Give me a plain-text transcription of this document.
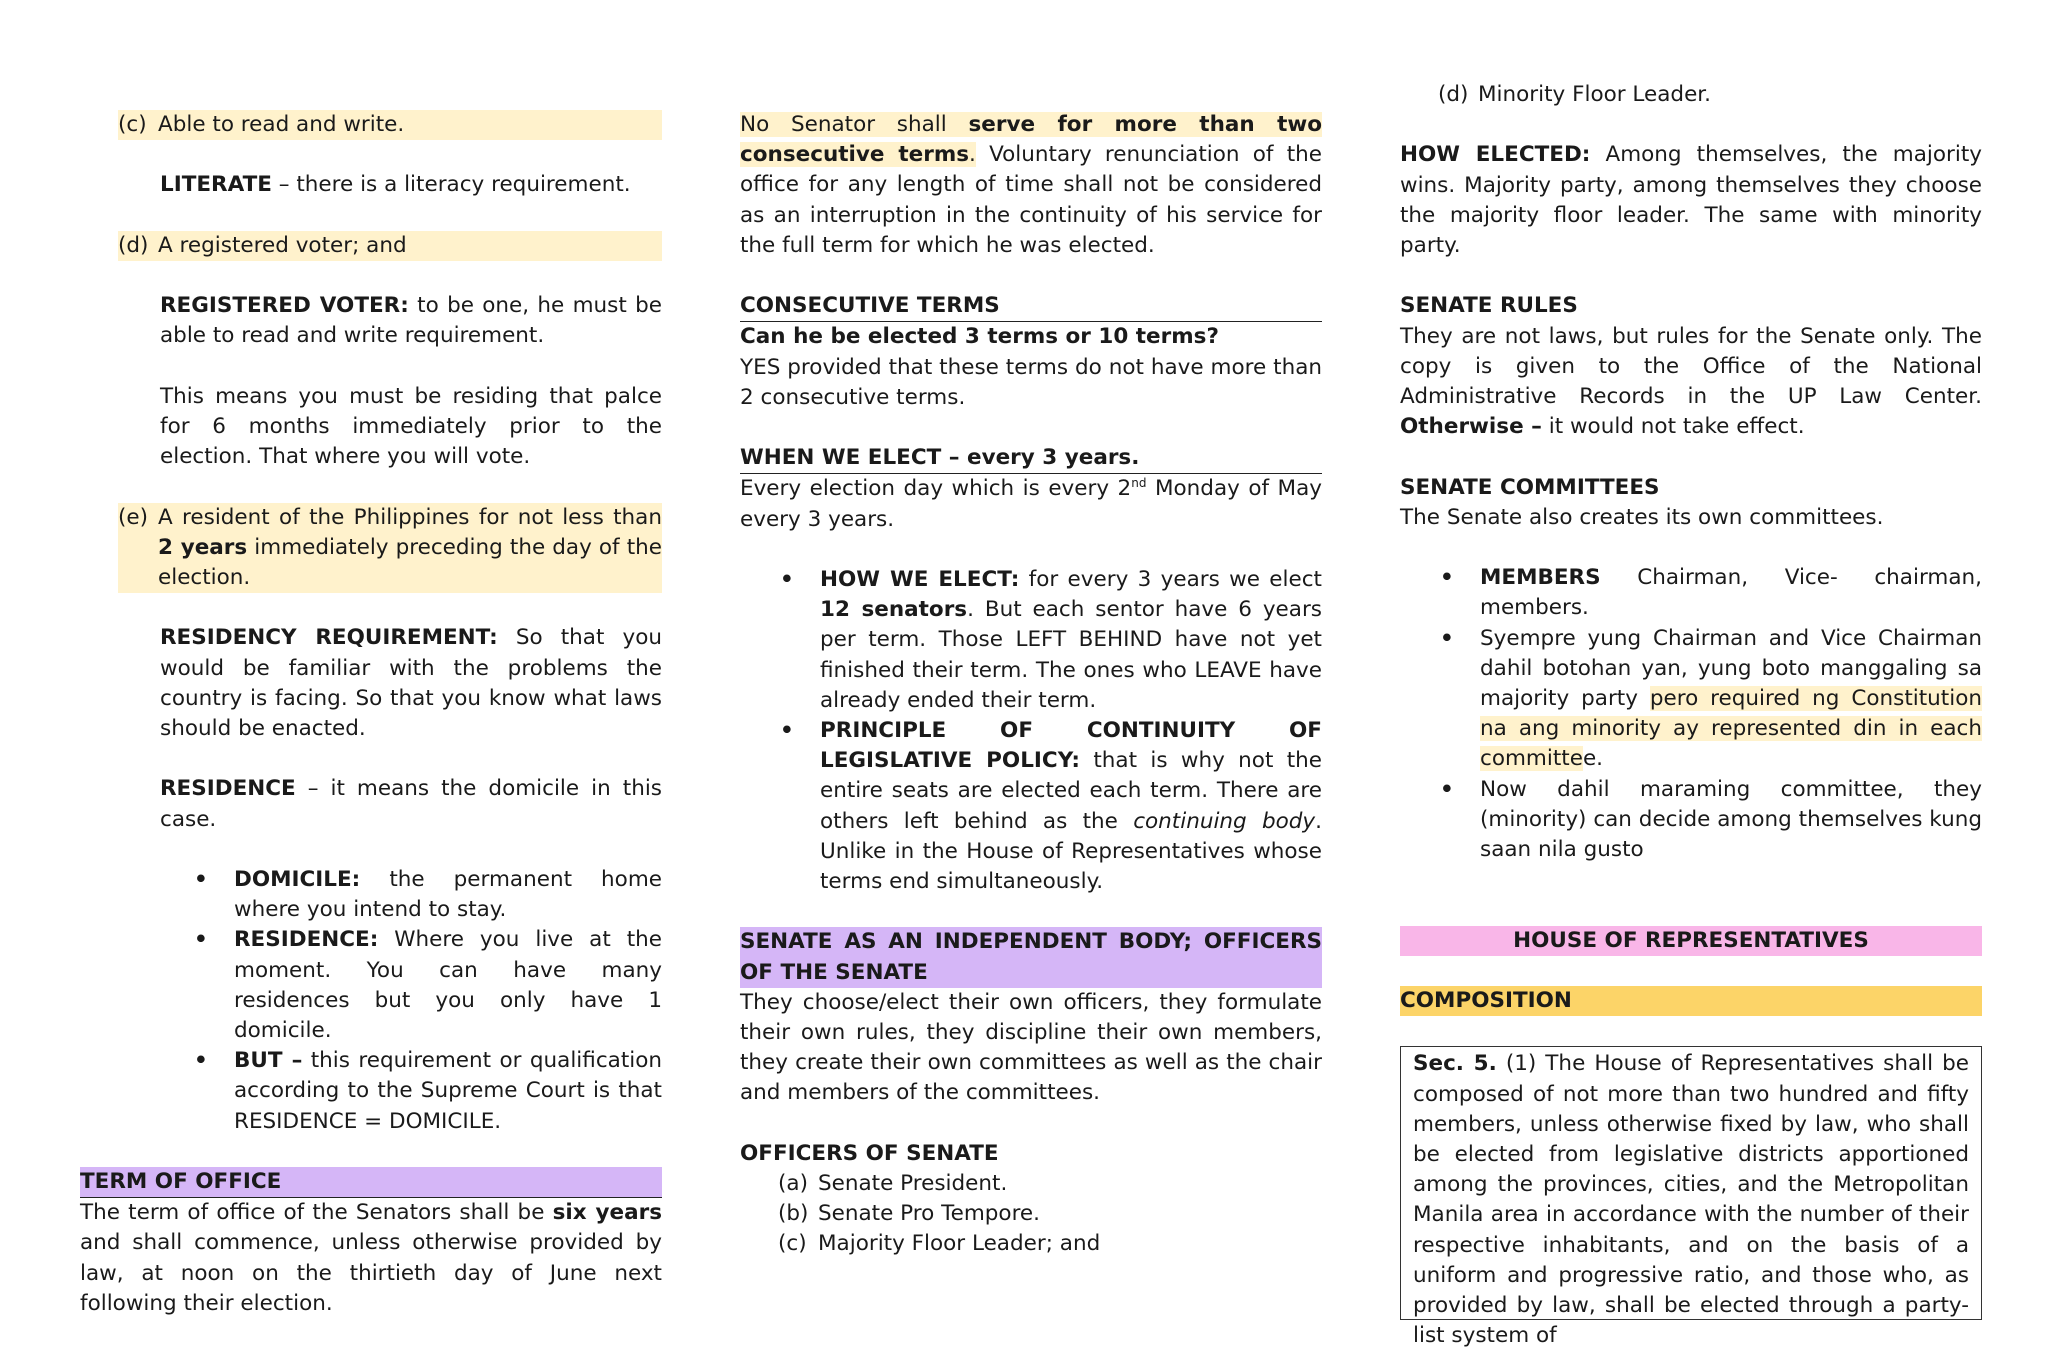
(c) Able to read and write.

LITERATE – there is a literacy requirement.

(d) A registered voter; and

REGISTERED VOTER: to be one, he must be able to read and write requirement.

This means you must be residing that palce for 6 months immediately prior to the election. That where you will vote.

(e) A resident of the Philippines for not less than 2 years immediately preceding the day of the election.

RESIDENCY REQUIREMENT: So that you would be familiar with the problems the country is facing. So that you know what laws should be enacted.

RESIDENCE – it means the domicile in this case.

•	DOMICILE: the permanent home where you intend to stay.
•	RESIDENCE: Where you live at the moment. You can have many residences but you only have 1 domicile.
•	BUT – this requirement or qualification according to the Supreme Court is that RESIDENCE = DOMICILE.
TERM OF OFFICE

The term of office of the Senators shall be six years and shall commence, unless otherwise provided by law, at noon on the thirtieth day of June next following their election.

No Senator shall serve for more than two consecutive terms. Voluntary renunciation of the office for any length of time shall not be considered as an interruption in the continuity of his service for the full term for which he was elected.

CONSECUTIVE TERMS

Can he be elected 3 terms or 10 terms?

YES provided that these terms do not have more than 2 consecutive terms.

WHEN WE ELECT – every 3 years.

Every election day which is every 2nd Monday of May every 3 years.

•	HOW WE ELECT: for every 3 years we elect 12 senators. But each sentor have 6 years per term. Those LEFT BEHIND have not yet finished their term. The ones who LEAVE have already ended their term.
•	PRINCIPLE OF CONTINUITY OF LEGISLATIVE POLICY: that is why not the entire seats are elected each term. There are others left behind as the continuing body. Unlike in the House of Representatives whose terms end simultaneously.
SENATE AS AN INDEPENDENT BODY; OFFICERS OF THE SENATE

They choose/elect their own officers, they formulate their own rules, they discipline their own members, they create their own committees as well as the chair and members of the committees.

OFFICERS OF SENATE

(a) Senate President.
(b) Senate Pro Tempore.
(c) Majority Floor Leader; and
(d) Minority Floor Leader.

HOW ELECTED: Among themselves, the majority wins. Majority party, among themselves they choose the majority floor leader. The same with minority party.

SENATE RULES

They are not laws, but rules for the Senate only. The copy is given to the Office of the National Administrative Records in the UP Law Center. Otherwise – it would not take effect.

SENATE COMMITTEES

The Senate also creates its own committees.

•	MEMBERS Chairman, Vice- chairman, members.
•	Syempre yung Chairman and Vice Chairman dahil botohan yan, yung boto manggaling sa majority party pero required ng Constitution na ang minority ay represented din in each committee.
•	Now dahil maraming committee, they (minority) can decide among themselves kung saan nila gusto
HOUSE OF REPRESENTATIVES
COMPOSITION
Sec. 5. (1) The House of Representatives shall be composed of not more than two hundred and fifty members, unless otherwise fixed by law, who shall be elected from legislative districts apportioned among the provinces, cities, and the Metropolitan Manila area in accordance with the number of their respective inhabitants, and on the basis of a uniform and progressive ratio, and those who, as provided by law, shall be elected through a party-list system of
